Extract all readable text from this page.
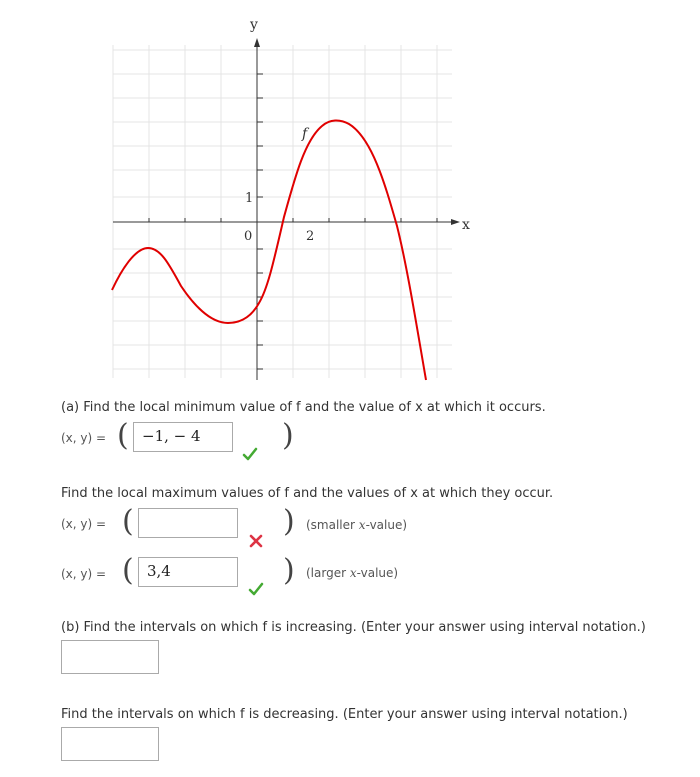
y
x
f
1
0	2
(a) Find the local minimum value of f and the value of x at which it occurs.
(x, y) = ( −1, − 4	)
Find the local maximum values of f and the values of x at which they occur.
(x, y) = (	) (smaller x-value)
(x, y) = ( 3,4	) (larger x-value)
(b) Find the intervals on which f is increasing. (Enter your answer using interval notation.)
Find the intervals on which f is decreasing. (Enter your answer using interval notation.)
